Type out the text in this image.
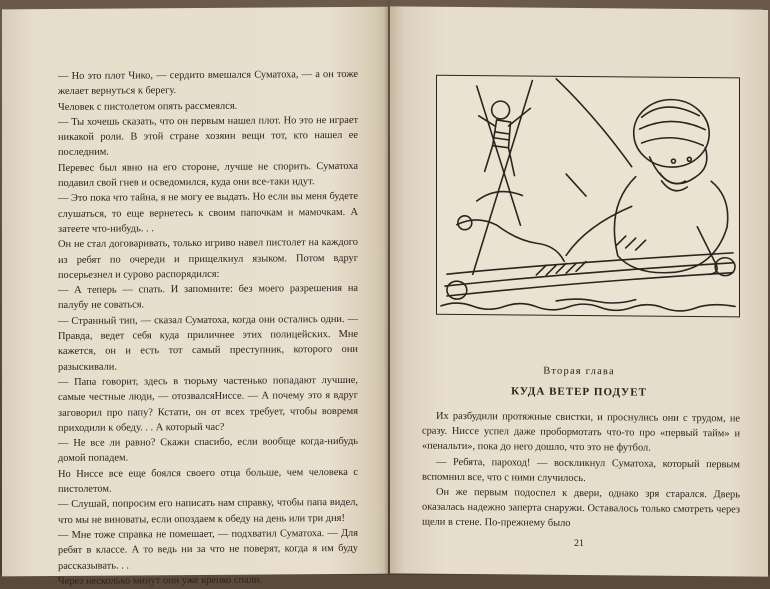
— Но это плот Чико, — сердито вмешался Суматоха, — а он тоже желает вернуться к берегу.

Человек с пистолетом опять рассмеялся.

— Ты хочешь сказать, что он первым нашел плот. Но это не играет никакой роли. В этой стране хозяин вещи тот, кто нашел ее последним.

Перевес был явно на его стороне, лучше не спорить. Суматоха подавил свой гнев и осведомился, куда они все-таки идут.

— Это пока что тайна, я не могу ее выдать. Но если вы меня будете слушаться, то еще вернетесь к своим папочкам и мамочкам. А затеете что-нибудь. . .

Он не стал договаривать, только игриво навел пистолет на каждого из ребят по очереди и прищелкнул языком. Потом вдруг посерьезнел и сурово распорядился:

— А теперь — спать. И запомните: без моего разрешения на палубу не соваться.

— Странный тип, — сказал Суматоха, когда они остались одни. — Правда, ведет себя куда приличнее этих полицейских. Мне кажется, он и есть тот самый преступник, которого они разыскивали.

— Папа говорит, здесь в тюрьму частенько попадают лучшие, самые честные люди, — отозвалсяНиссе. — А почему это я вдруг заговорил про папу? Кстати, он от всех требует, чтобы вовремя приходили к обеду. . . А который час?

— Не все ли равно? Скажи спасибо, если вообще когда-нибудь домой попадем.

Но Ниссе все еще боялся своего отца больше, чем человека с пистолетом.

— Слушай, попросим его написать нам справку, чтобы папа видел, что мы не виноваты, если опоздаем к обеду на день или три дня!

— Мне тоже справка не помешает, — подхватил Суматоха. — Для ребят в классе. А то ведь ни за что не поверят, когда я им буду рассказывать. . .

Через несколько минут они уже крепко спали.

Вторая глава
КУДА ВЕТЕР ПОДУЕТ

Их разбудили протяжные свистки, и проснулись они с трудом, не сразу. Ниссе успел даже пробормотать что-то про «первый тайм» и «пенальти», пока до него дошло, что это не футбол.

— Ребята, пароход! — воскликнул Суматоха, который первым вспомнил все, что с ними случилось.

Он же первым подоспел к двери, однако зря старался. Дверь оказалась надежно заперта снаружи. Оставалось только смотреть через щели в стене. По-прежнему было

21
